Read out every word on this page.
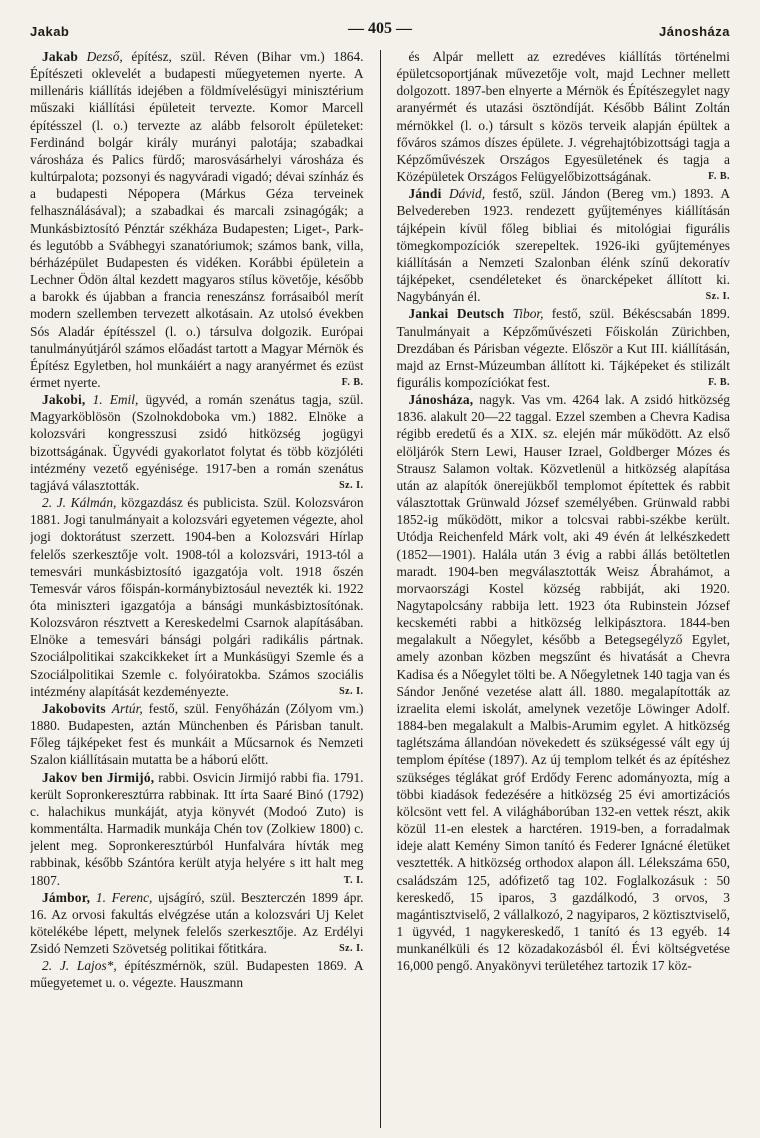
Jakab	— 405 —	Jánosháza

Jakab Dezső, építész, szül. Réven (Bihar vm.) 1864. Építészeti oklevelét a budapesti műegyetemen nyerte. A millenáris kiállítás idejében a földmívelésügyi minisztérium műszaki kiállítási épületeit tervezte. Komor Marcell építésszel (l. o.) tervezte az alább felsorolt épületeket: Ferdinánd bolgár király murányi palotája; szabadkai városháza és Palics fürdő; marosvásárhelyi városháza és kultúrpalota; pozsonyi és nagyváradi vigadó; dévai színház és a budapesti Népopera (Márkus Géza terveinek felhasználásával); a szabadkai és marcali zsinagógák; a Munkásbiztosító Pénztár székháza Budapesten; Liget-, Park- és legutóbb a Svábhegyi szanatóriumok; számos bank, villa, bérházépület Budapesten és vidéken. Korábbi épületein a Lechner Ödön által kezdett magyaros stílus követője, később a barokk és újabban a francia reneszánsz forrásaiból merít modern szellemben tervezett alkotásain. Az utolsó években Sós Aladár építésszel (l. o.) társulva dolgozik. Európai tanulmányútjáról számos előadást tartott a Magyar Mérnök és Építész Egyletben, hol munkáiért a nagy aranyérmet és ezüst érmet nyerte.	F. B.

Jakobi, 1. Emil, ügyvéd, a román szenátus tagja, szül. Magyarköblösön (Szolnokdoboka vm.) 1882. Elnöke a kolozsvári kongresszusi zsidó hitközség jogügyi bizottságának. Ügyvédi gyakorlatot folytat és több közjóléti intézmény vezető egyénisége. 1917-ben a román szenátus tagjává választották.	Sz. I.

2. J. Kálmán, közgazdász és publicista. Szül. Kolozsváron 1881. Jogi tanulmányait a kolozsvári egyetemen végezte, ahol jogi doktorátust szerzett. 1904-ben a Kolozsvári Hírlap felelős szerkesztője volt. 1908-tól a kolozsvári, 1913-tól a temesvári munkásbiztosító igazgatója volt. 1918 őszén Temesvár város főispán-kormánybiztosául nevezték ki. 1922 óta miniszteri igazgatója a bánsági munkásbiztosítónak. Kolozsváron résztvett a Kereskedelmi Csarnok alapításában. Elnöke a temesvári bánsági polgári radikális pártnak. Szociálpolitikai szakcikkeket írt a Munkásügyi Szemle és a Szociálpolitikai Szemle c. folyóiratokba. Számos szociális intézmény alapítását kezdeményezte.	Sz. I.

Jakobovits Artúr, festő, szül. Fenyőházán (Zólyom vm.) 1880. Budapesten, aztán Münchenben és Párisban tanult. Főleg tájképeket fest és munkáit a Műcsarnok és Nemzeti Szalon kiállításain mutatta be a háború előtt.

Jakov ben Jirmijó, rabbi. Osvicin Jirmijó rabbi fia. 1791. került Sopronkeresztúrra rabbinak. Itt írta Saaré Binó (1792) c. halachikus munkáját, atyja könyvét (Modoó Zuto) is kommentálta. Harmadik munkája Chén tov (Zolkiew 1800) c. jelent meg. Sopronkeresztúrból Hunfalvára hívták meg rabbinak, később Szántóra került atyja helyére s itt halt meg 1807.	T. I.

Jámbor, 1. Ferenc, ujságíró, szül. Beszterczén 1899 ápr. 16. Az orvosi fakultás elvégzése után a kolozsvári Uj Kelet kötelékébe lépett, melynek felelős szerkesztője. Az Erdélyi Zsidó Nemzeti Szövetség politikai főtitkára.	Sz. I.

2. J. Lajos*, építészmérnök, szül. Budapesten 1869. A műegyetemet u. o. végezte. Hauszmann

és Alpár mellett az ezredéves kiállítás történelmi épületcsoportjának művezetője volt, majd Lechner mellett dolgozott. 1897-ben elnyerte a Mérnök és Építészegylet nagy aranyérmét és utazási ösztöndíját. Később Bálint Zoltán mérnökkel (l. o.) társult s közös terveik alapján épültek a főváros számos díszes épülete. J. végrehajtóbizottsági tagja a Képzőművészek Országos Egyesületének és tagja a Középületek Országos Felügyelőbizottságának.	F. B.

Jándi Dávid, festő, szül. Jándon (Bereg vm.) 1893. A Belvedereben 1923. rendezett gyűjteményes kiállításán tájképein kívül főleg bibliai és mitológiai figurális tömegkompozíciók szerepeltek. 1926-iki gyűjteményes kiállításán a Nemzeti Szalonban élénk színű dekoratív tájképeket, csendéleteket és önarcképeket állított ki. Nagybányán él.	Sz. I.

Jankai Deutsch Tibor, festő, szül. Békéscsabán 1899. Tanulmányait a Képzőművészeti Főiskolán Zürichben, Drezdában és Párisban végezte. Először a Kut III. kiállításán, majd az Ernst-Múzeumban állított ki. Tájképeket és stilizált figurális kompozíciókat fest.	F. B.

Jánosháza, nagyk. Vas vm. 4264 lak. A zsidó hitközség 1836. alakult 20—22 taggal. Ezzel szemben a Chevra Kadisa régibb eredetű és a XIX. sz. elején már működött. Az első elöljárók Stern Lewi, Hauser Izrael, Goldberger Mózes és Strausz Salamon voltak. Közvetlenül a hitközség alapítása után az alapítók önerejükből templomot építettek és rabbit választottak Grünwald József személyében. Grünwald rabbi 1852-ig működött, mikor a tolcsvai rabbi-székbe került. Utódja Reichenfeld Márk volt, aki 49 évén át lelkészkedett (1852—1901). Halála után 3 évig a rabbi állás betöltetlen maradt. 1904-ben megválasztották Weisz Ábrahámot, a morvaországi Kostel község rabbiját, aki 1920. Nagytapolcsány rabbija lett. 1923 óta Rubinstein József kecskeméti rabbi a hitközség lelkipásztora. 1844-ben megalakult a Nőegylet, később a Betegsegélyző Egylet, amely azonban közben megszűnt és hivatását a Chevra Kadisa és a Nőegylet tölti be. A Nőegyletnek 140 tagja van és Sándor Jenőné vezetése alatt áll. 1880. megalapították az izraelita elemi iskolát, amelynek vezetője Löwinger Adolf. 1884-ben megalakult a Malbis-Arumim egylet. A hitközség taglétszáma állandóan növekedett és szükségessé vált egy új templom építése (1897). Az új templom telkét és az építéshez szükséges téglákat gróf Erdődy Ferenc adományozta, míg a többi kiadások fedezésére a hitközség 25 évi amortizációs kölcsönt vett fel. A világháborúban 132-en vettek részt, akik közül 11-en elestek a harctéren. 1919-ben, a forradalmak ideje alatt Kemény Simon tanító és Federer Ignácné életüket vesztették. A hitközség orthodox alapon áll. Lélekszáma 650, családszám 125, adófizető tag 102. Foglalkozásuk : 50 kereskedő, 15 iparos, 3 gazdálkodó, 3 orvos, 3 magántisztviselő, 2 vállalkozó, 2 nagyiparos, 2 köztisztviselő, 1 ügyvéd, 1 nagykereskedő, 1 tanító és 13 egyéb. 14 munkanélküli és 12 közadakozásból él. Évi költségvetése 16,000 pengő. Anyakönyvi területéhez tartozik 17 köz-
